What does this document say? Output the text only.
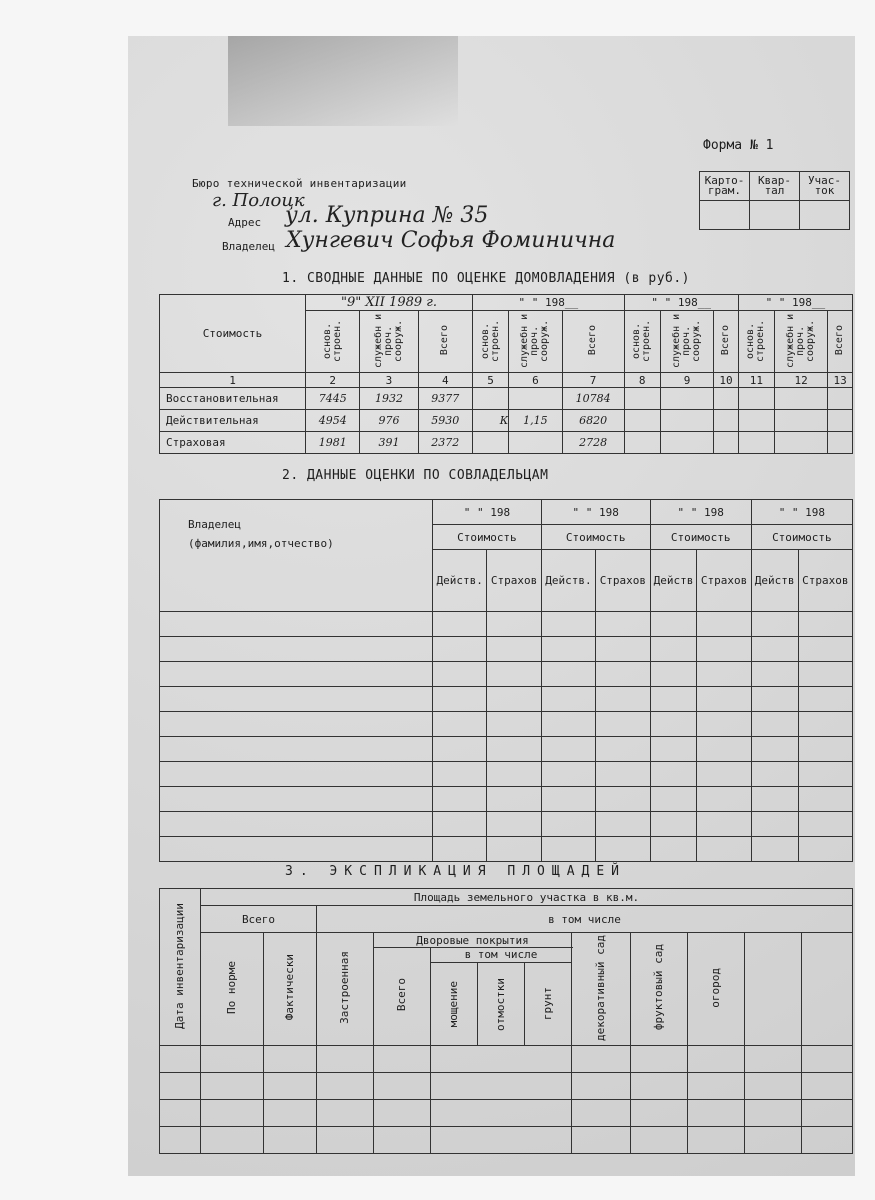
Форма № 1
Бюро технической инвентаризации
г. Полоцк
Адрес ул. Куприна № 35
Владелец Хунгевич Софья Фоминична
Карто-грам.	Квар-тал	Учас-ток

1. СВОДНЫЕ ДАННЫЕ ПО ОЦЕНКЕ ДОМОВЛАДЕНИЯ (в руб.)
Стоимость	"9" XII 1989 г.			" " 198__			" " 198__			" " 198__		
	основ. строен.	служебн и проч. сооруж.	Всего	основ. строен.	служебн и проч. сооруж.	Всего	основ. строен.	служебн и проч. сооруж.	Всего	основ. строен.	служебн и проч. сооруж.	Всего
1	2	3	4	5	6	7	8	9	10	11	12	13
Восстановительная	7445	1932	9377			10784						
Действительная	4954	976	5930	К	1,15	6820						
Страховая	1981	391	2372			2728						
2. ДАННЫЕ ОЦЕНКИ ПО СОВЛАДЕЛЬЦАМ
Владелец
(фамилия,имя,отчество)	" " 198		" " 198		" " 198		" " 198	
	Стоимость		Стоимость		Стоимость		Стоимость	
	Действ.	Страхов	Действ.	Страхов	Действ	Страхов	Действ	Страхов

3. ЭКСПЛИКАЦИЯ ПЛОЩАДЕЙ
Дата инвентаризации	Площадь земельного участка в кв.м.									
	Всего		в том числе							
	По норме	Фактически	Застроенная	Дворовые покрытия		декоративный сад	фруктовый сад	огород		
				Всего	в том числе
мощение отмостки грунт					
